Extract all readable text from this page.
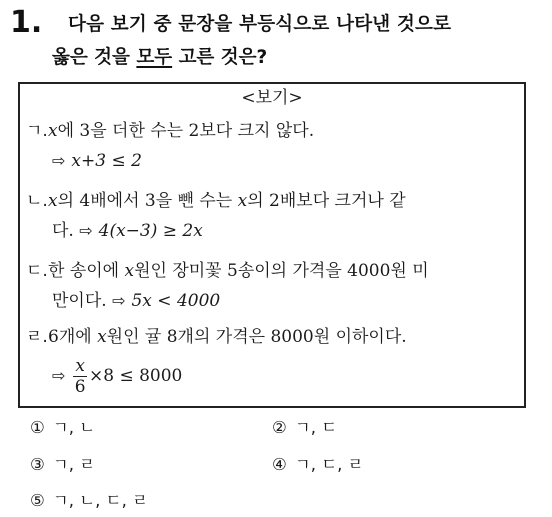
1. 다음 보기 중 문장을 부등식으로 나타낸 것으로
옳은 것을 모두 고른 것은?
<보기>
ㄱ.x에 3을 더한 수는 2보다 크지 않다.
⇨ x+3 ≤ 2
ㄴ.x의 4배에서 3을 뺀 수는 x의 2배보다 크거나 같
다. ⇨ 4(x−3) ≥ 2x
ㄷ.한 송이에 x원인 장미꽃 5송이의 가격을 4000원 미
만이다. ⇨ 5x < 4000
ㄹ.6개에 x원인 귤 8개의 가격은 8000원 이하이다.
⇨ $\frac{x}{6} \times 8 \le 8000$
① ㄱ, ㄴ	② ㄱ, ㄷ
③ ㄱ, ㄹ	④ ㄱ, ㄷ, ㄹ
⑤ ㄱ, ㄴ, ㄷ, ㄹ
